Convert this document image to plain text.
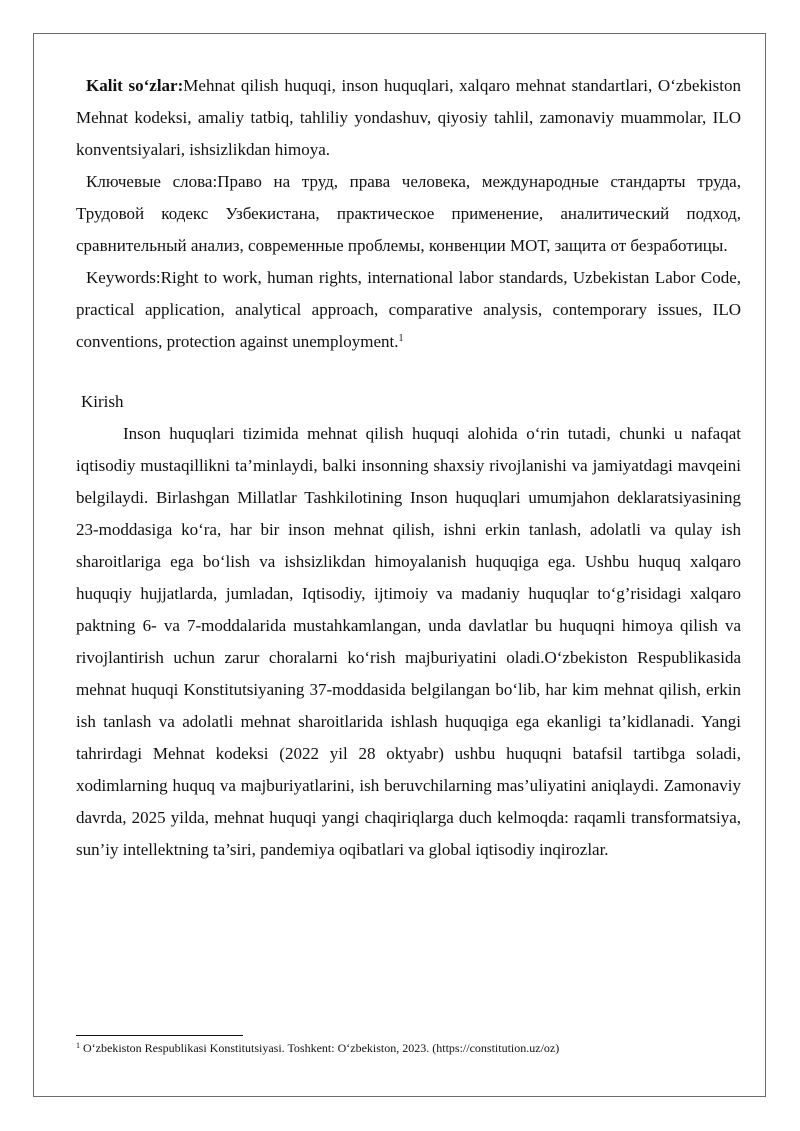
Kalit so‘zlar:Mehnat qilish huquqi, inson huquqlari, xalqaro mehnat standartlari, O‘zbekiston Mehnat kodeksi, amaliy tatbiq, tahliliy yondashuv, qiyosiy tahlil, zamonaviy muammolar, ILO konventsiyalari, ishsizlikdan himoya.

Ключевые слова:Право на труд, права человека, международные стандарты труда, Трудовой кодекс Узбекистана, практическое применение, аналитический подход, сравнительный анализ, современные проблемы, конвенции МОТ, защита от безработицы.

Keywords:Right to work, human rights, international labor standards, Uzbekistan Labor Code, practical application, analytical approach, comparative analysis, contemporary issues, ILO conventions, protection against unemployment.$^1$

Kirish

Inson huquqlari tizimida mehnat qilish huquqi alohida o‘rin tutadi, chunki u nafaqat iqtisodiy mustaqillikni ta’minlaydi, balki insonning shaxsiy rivojlanishi va jamiyatdagi mavqeini belgilaydi. Birlashgan Millatlar Tashkilotining Inson huquqlari umumjahon deklaratsiyasining 23-moddasiga ko‘ra, har bir inson mehnat qilish, ishni erkin tanlash, adolatli va qulay ish sharoitlariga ega bo‘lish va ishsizlikdan himoyalanish huquqiga ega. Ushbu huquq xalqaro huquqiy hujjatlarda, jumladan, Iqtisodiy, ijtimoiy va madaniy huquqlar to‘g’risidagi xalqaro paktning 6- va 7-moddalarida mustahkamlangan, unda davlatlar bu huquqni himoya qilish va rivojlantirish uchun zarur choralarni ko‘rish majburiyatini oladi.O‘zbekiston Respublikasida mehnat huquqi Konstitutsiyaning 37-moddasida belgilangan bo‘lib, har kim mehnat qilish, erkin ish tanlash va adolatli mehnat sharoitlarida ishlash huquqiga ega ekanligi ta’kidlanadi. Yangi tahrirdagi Mehnat kodeksi (2022 yil 28 oktyabr) ushbu huquqni batafsil tartibga soladi, xodimlarning huquq va majburiyatlarini, ish beruvchilarning mas’uliyatini aniqlaydi. Zamonaviy davrda, 2025 yilda, mehnat huquqi yangi chaqiriqlarga duch kelmoqda: raqamli transformatsiya, sun’iy intellektning ta’siri, pandemiya oqibatlari va global iqtisodiy inqirozlar.

$^1$ O‘zbekiston Respublikasi Konstitutsiyasi. Toshkent: O‘zbekiston, 2023. (https://constitution.uz/oz)
